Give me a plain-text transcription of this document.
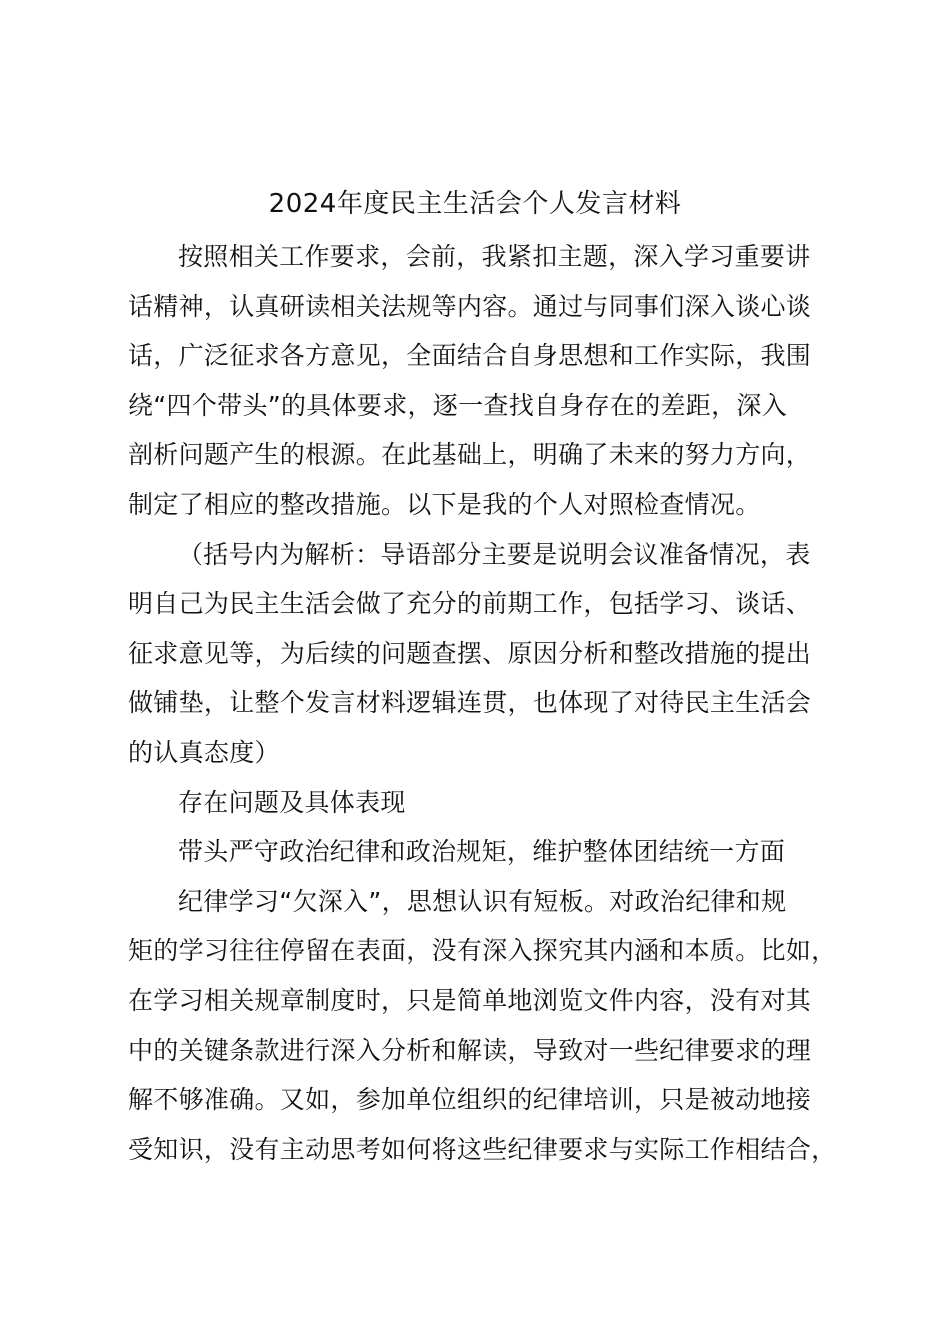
2024年度民主生活会个人发言材料
按照相关工作要求，会前，我紧扣主题，深入学习重要讲
话精神，认真研读相关法规等内容。通过与同事们深入谈心谈
话，广泛征求各方意见，全面结合自身思想和工作实际，我围
绕“四个带头”的具体要求，逐一查找自身存在的差距，深入
剖析问题产生的根源。在此基础上，明确了未来的努力方向，
制定了相应的整改措施。以下是我的个人对照检查情况。
（括号内为解析：导语部分主要是说明会议准备情况，表
明自己为民主生活会做了充分的前期工作，包括学习、谈话、
征求意见等，为后续的问题查摆、原因分析和整改措施的提出
做铺垫，让整个发言材料逻辑连贯，也体现了对待民主生活会
的认真态度）
存在问题及具体表现
带头严守政治纪律和政治规矩，维护整体团结统一方面
纪律学习“欠深入”，思想认识有短板。对政治纪律和规
矩的学习往往停留在表面，没有深入探究其内涵和本质。比如，
在学习相关规章制度时，只是简单地浏览文件内容，没有对其
中的关键条款进行深入分析和解读，导致对一些纪律要求的理
解不够准确。又如，参加单位组织的纪律培训，只是被动地接
受知识，没有主动思考如何将这些纪律要求与实际工作相结合，
